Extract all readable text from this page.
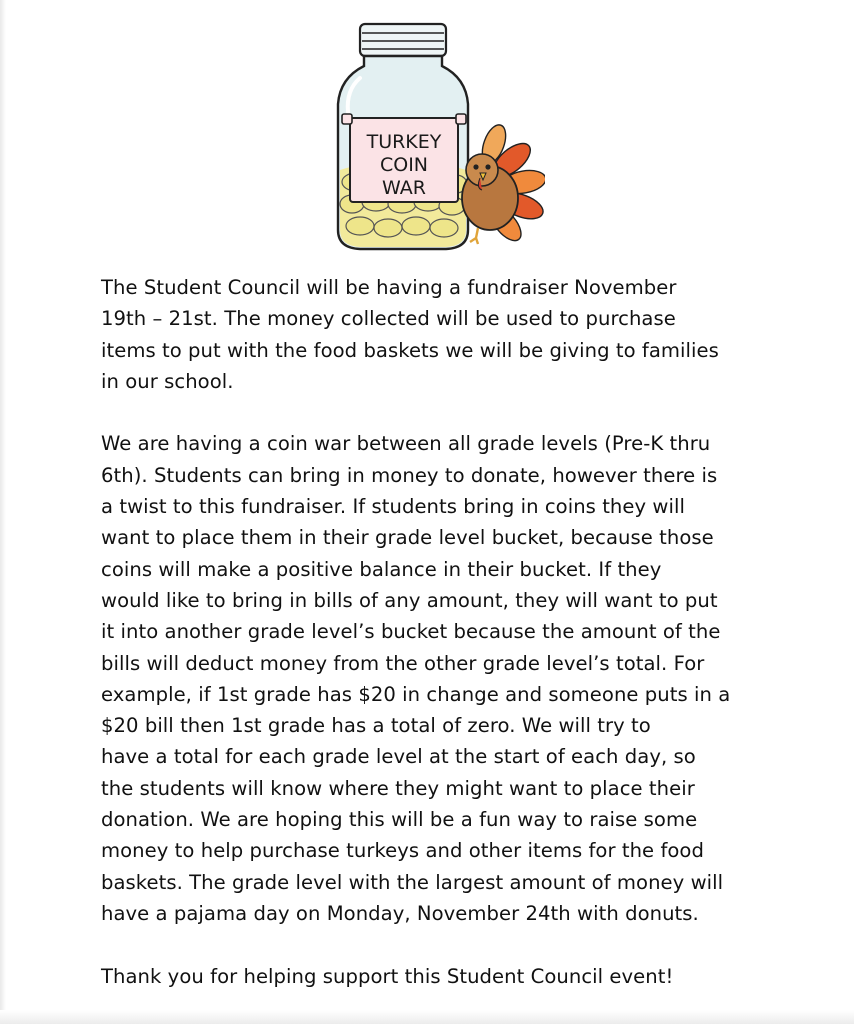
TURKEY
COIN
WAR

The Student Council will be having a fundraiser November
19th – 21st. The money collected will be used to purchase
items to put with the food baskets we will be giving to families
in our school.

We are having a coin war between all grade levels (Pre-K thru
6th). Students can bring in money to donate, however there is
a twist to this fundraiser. If students bring in coins they will
want to place them in their grade level bucket, because those
coins will make a positive balance in their bucket. If they
would like to bring in bills of any amount, they will want to put
it into another grade level’s bucket because the amount of the
bills will deduct money from the other grade level’s total. For
example, if 1st grade has $20 in change and someone puts in a
$20 bill then 1st grade has a total of zero. We will try to
have a total for each grade level at the start of each day, so
the students will know where they might want to place their
donation. We are hoping this will be a fun way to raise some
money to help purchase turkeys and other items for the food
baskets. The grade level with the largest amount of money will
have a pajama day on Monday, November 24th with donuts.

Thank you for helping support this Student Council event!
